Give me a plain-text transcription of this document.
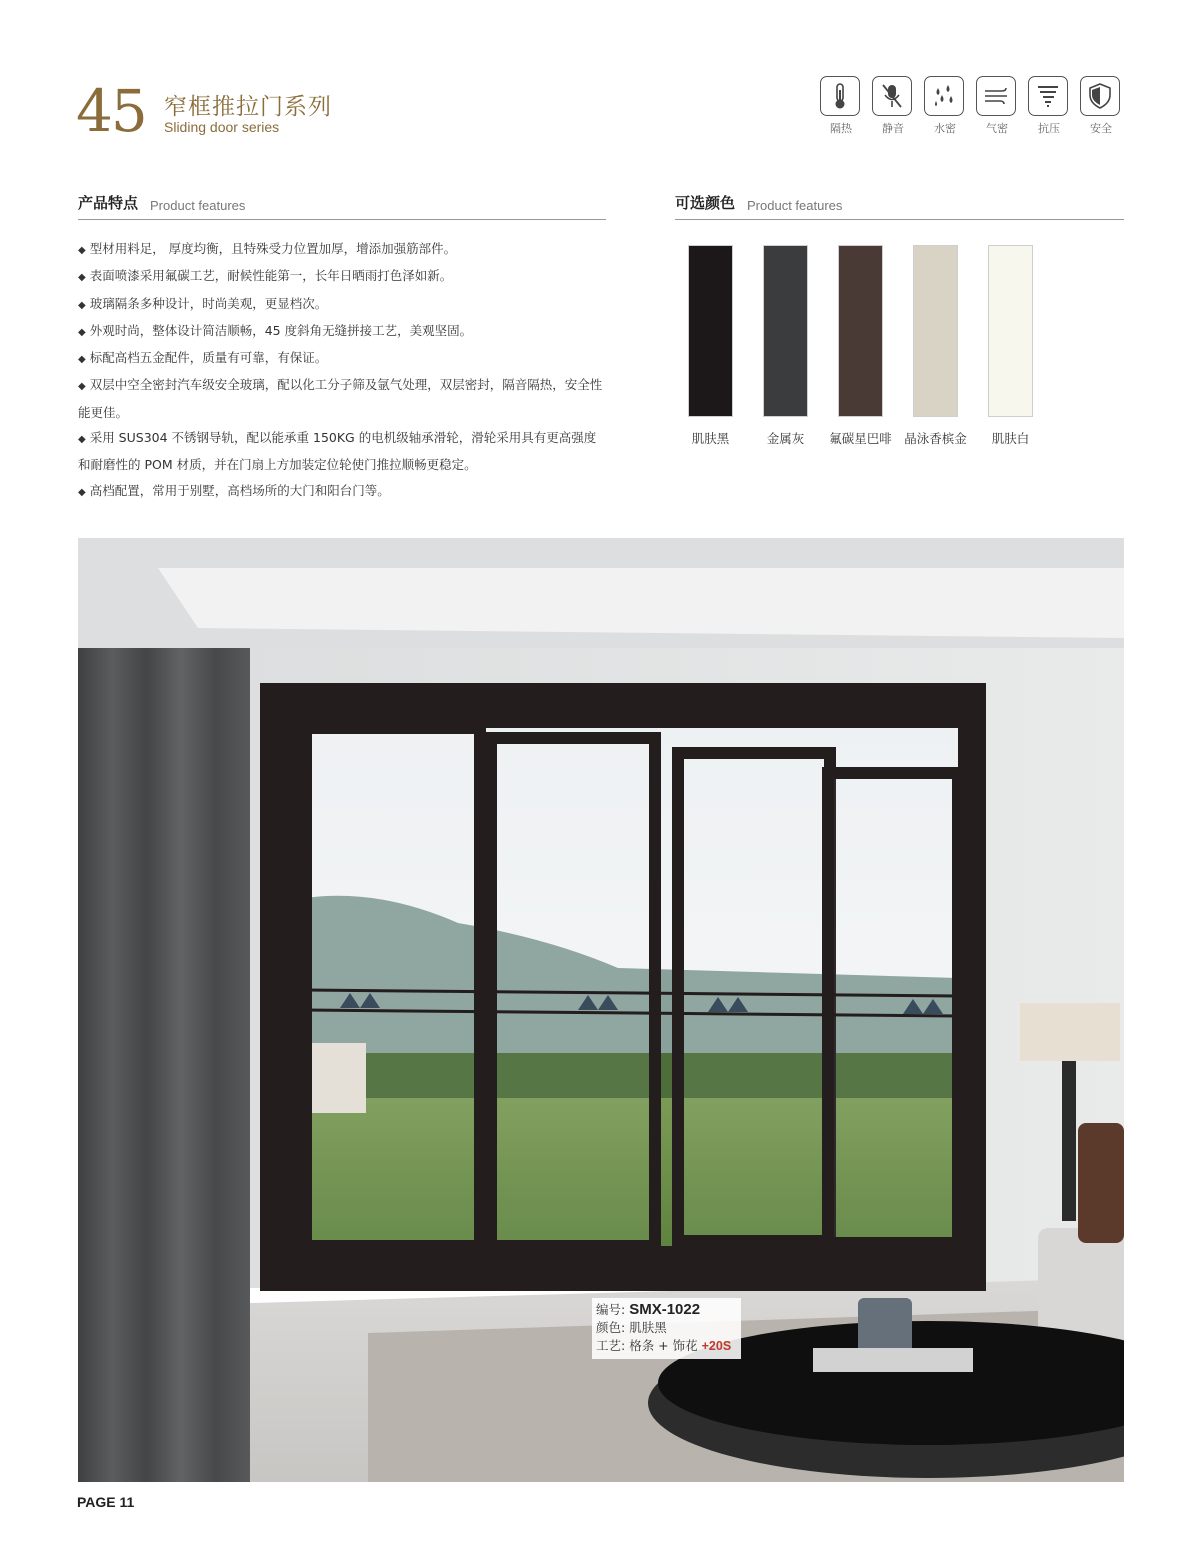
45 窄框推拉门系列
Sliding door series	隔热	静音	水密	气密	抗压	安全
产品特点 Product features	可选颜色 Product features
◆ 型材用料足， 厚度均衡，且特殊受力位置加厚，增添加强筋部件。
◆ 表面喷漆采用氟碳工艺，耐候性能第一，长年日晒雨打色泽如新。
◆ 玻璃隔条多种设计，时尚美观，更显档次。
◆ 外观时尚，整体设计简洁顺畅，45 度斜角无缝拼接工艺，美观坚固。
◆ 标配高档五金配件，质量有可靠，有保证。
◆ 双层中空全密封汽车级安全玻璃，配以化工分子筛及氩气处理，双层密封，隔音隔热，安全性能更佳。
◆ 采用 SUS304 不锈钢导轨，配以能承重 150KG 的电机级轴承滑轮，滑轮采用具有更高强度和耐磨性的 POM 材质，并在门扇上方加装定位轮使门推拉顺畅更稳定。
◆ 高档配置，常用于别墅，高档场所的大门和阳台门等。
肌肤黑	金属灰 氟碳星巴啡 晶泳香槟金 肌肤白
编号: SMX-1022
颜色: 肌肤黑
工艺: 格条 + 饰花 +20S
PAGE 11
